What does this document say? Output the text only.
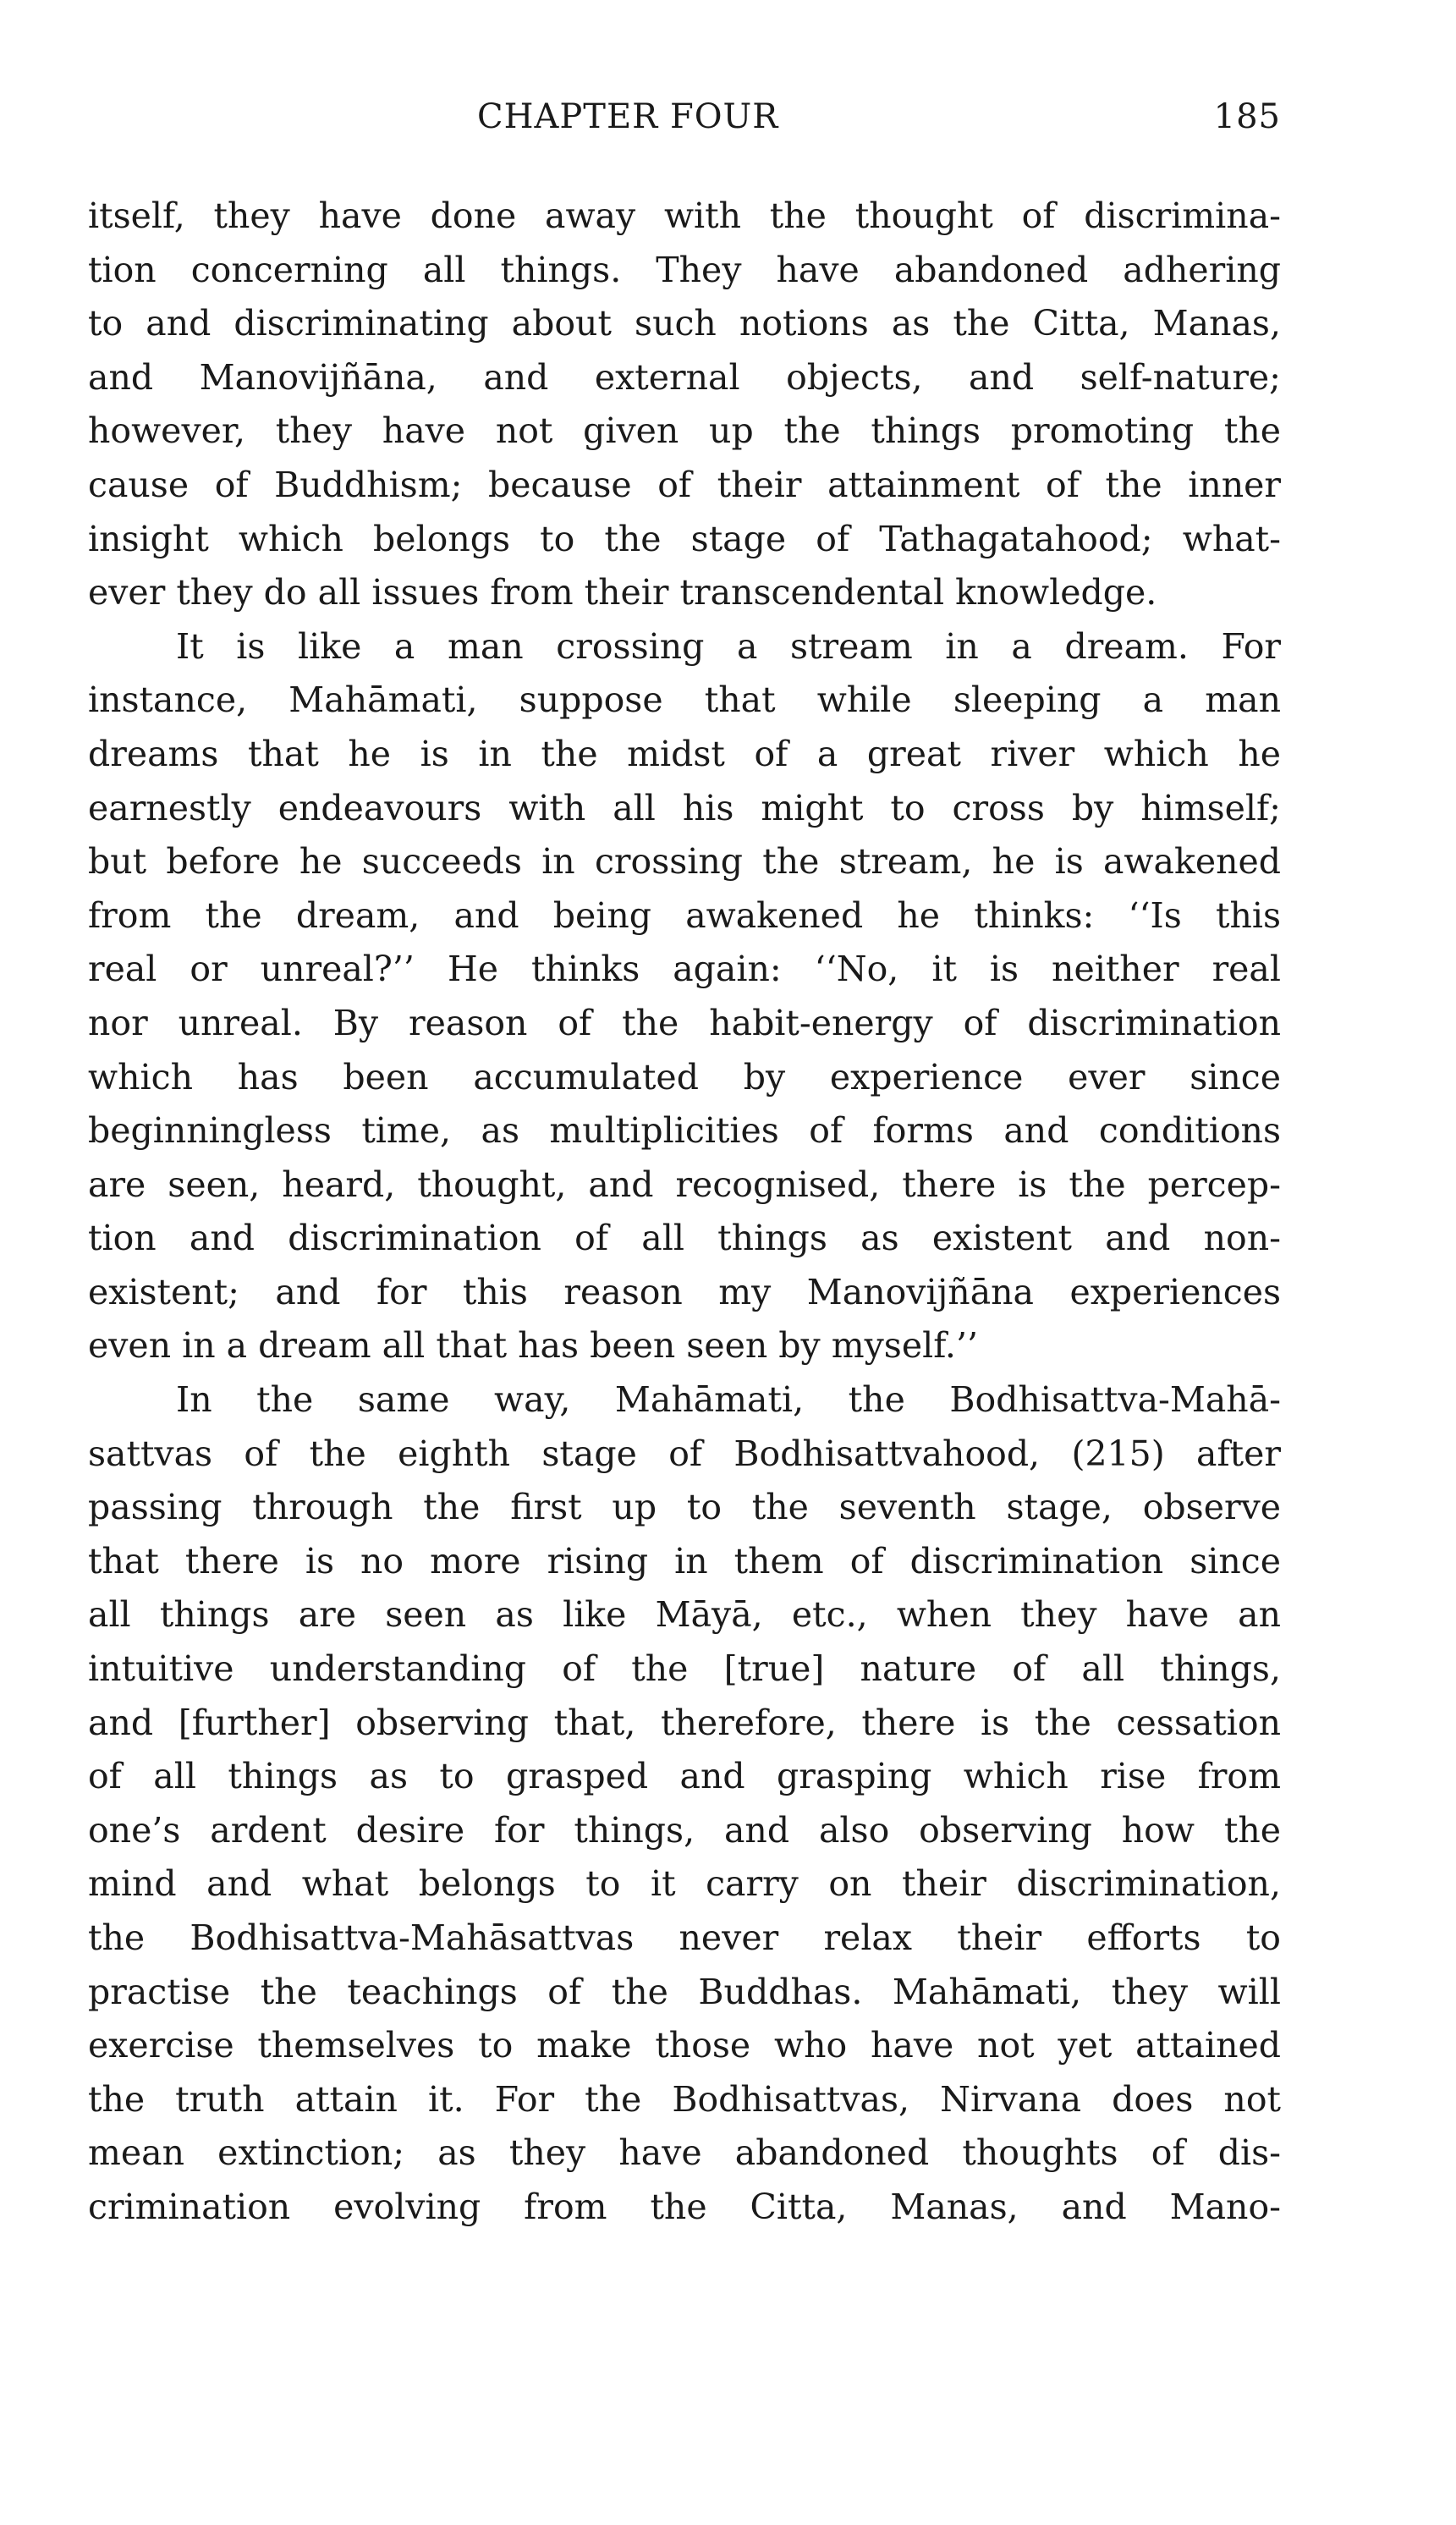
CHAPTER FOUR	185
itself, they have done away with the thought of discrimina-
tion concerning all things. They have abandoned adhering
to and discriminating about such notions as the Citta, Manas,
and Manovijñāna, and external objects, and self-nature;
however, they have not given up the things promoting the
cause of Buddhism; because of their attainment of the inner
insight which belongs to the stage of Tathagatahood; what-
ever they do all issues from their transcendental knowledge.
It is like a man crossing a stream in a dream. For
instance, Mahāmati, suppose that while sleeping a man
dreams that he is in the midst of a great river which he
earnestly endeavours with all his might to cross by himself;
but before he succeeds in crossing the stream, he is awakened
from the dream, and being awakened he thinks: ‘‘Is this
real or unreal?’’ He thinks again: ‘‘No, it is neither real
nor unreal. By reason of the habit-energy of discrimination
which has been accumulated by experience ever since
beginningless time, as multiplicities of forms and conditions
are seen, heard, thought, and recognised, there is the percep-
tion and discrimination of all things as existent and non-
existent; and for this reason my Manovijñāna experiences
even in a dream all that has been seen by myself.’’
In the same way, Mahāmati, the Bodhisattva-Mahā-
sattvas of the eighth stage of Bodhisattvahood, (215) after
passing through the first up to the seventh stage, observe
that there is no more rising in them of discrimination since
all things are seen as like Māyā, etc., when they have an
intuitive understanding of the [true] nature of all things,
and [further] observing that, therefore, there is the cessation
of all things as to grasped and grasping which rise from
one’s ardent desire for things, and also observing how the
mind and what belongs to it carry on their discrimination,
the Bodhisattva-Mahāsattvas never relax their efforts to
practise the teachings of the Buddhas. Mahāmati, they will
exercise themselves to make those who have not yet attained
the truth attain it. For the Bodhisattvas, Nirvana does not
mean extinction; as they have abandoned thoughts of dis-
crimination evolving from the Citta, Manas, and Mano-
